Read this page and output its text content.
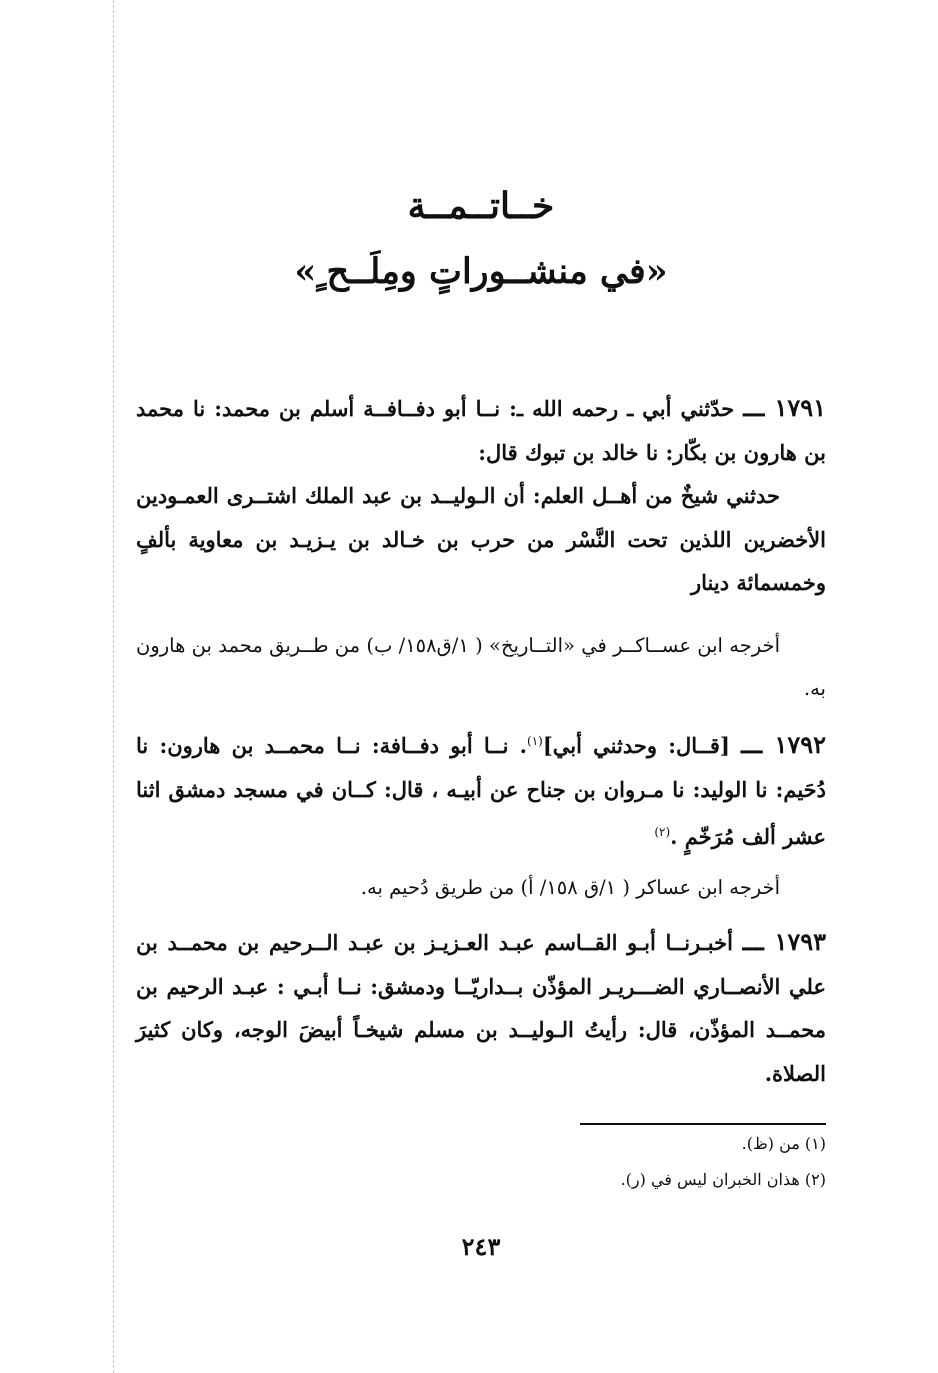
خــاتــمــة
«في منشــوراتٍ ومِلَــح ٍ»
١٧٩١ ـــ حدّثني أبي ـ رحمه الله ـ: نــا أبو دفــافــة أسلم بن محمد: نا محمد بن هارون بن بكّار: نا خالد بن تبوك قال:
حدثني شيخٌ من أهــل العلم: أن الـوليــد بن عبد الملك اشتــرى العمـودين الأخضرين اللذين تحت النَّسْر من حرب بن خـالد بن يـزيـد بن معاوية بألفٍ وخمسمائة دينار
أخرجه ابن عســاكــر في «التــاريخ» ( ١/ق١٥٨/ ب) من طــريق محمد بن هارون به.
١٧٩٢ ـــ [قــال: وحدثني أبي]$^{(١)}$. نــا أبو دفــافة: نــا محمــد بن هارون: نا دُحَيم: نا الوليد: نا مـروان بن جناح عن أبيـه ، قال: كــان في مسجد دمشق اثنا عشر ألف مُرَخّمٍ .$^{(٢)}$
أخرجه ابن عساكر ( ١/ق ١٥٨/ أ) من طريق دُحيم به.
١٧٩٣ ـــ أخبـرنــا أبـو القــاسم عبـد العـزيـز بن عبـد الــرحيم بن محمــد بن علي الأنصــاري الضـــريـر المؤذّن بــداريّــا ودمشق: نــا أبـي : عبـد الرحيم بن محمــد المؤذّن، قال: رأيتُ الـوليــد بن مسلم شيخـاً أبيضَ الوجه، وكان كثيرَ الصلاة.
(١) من (ظ).
(٢) هذان الخبران ليس في (ر).
٢٤٣
